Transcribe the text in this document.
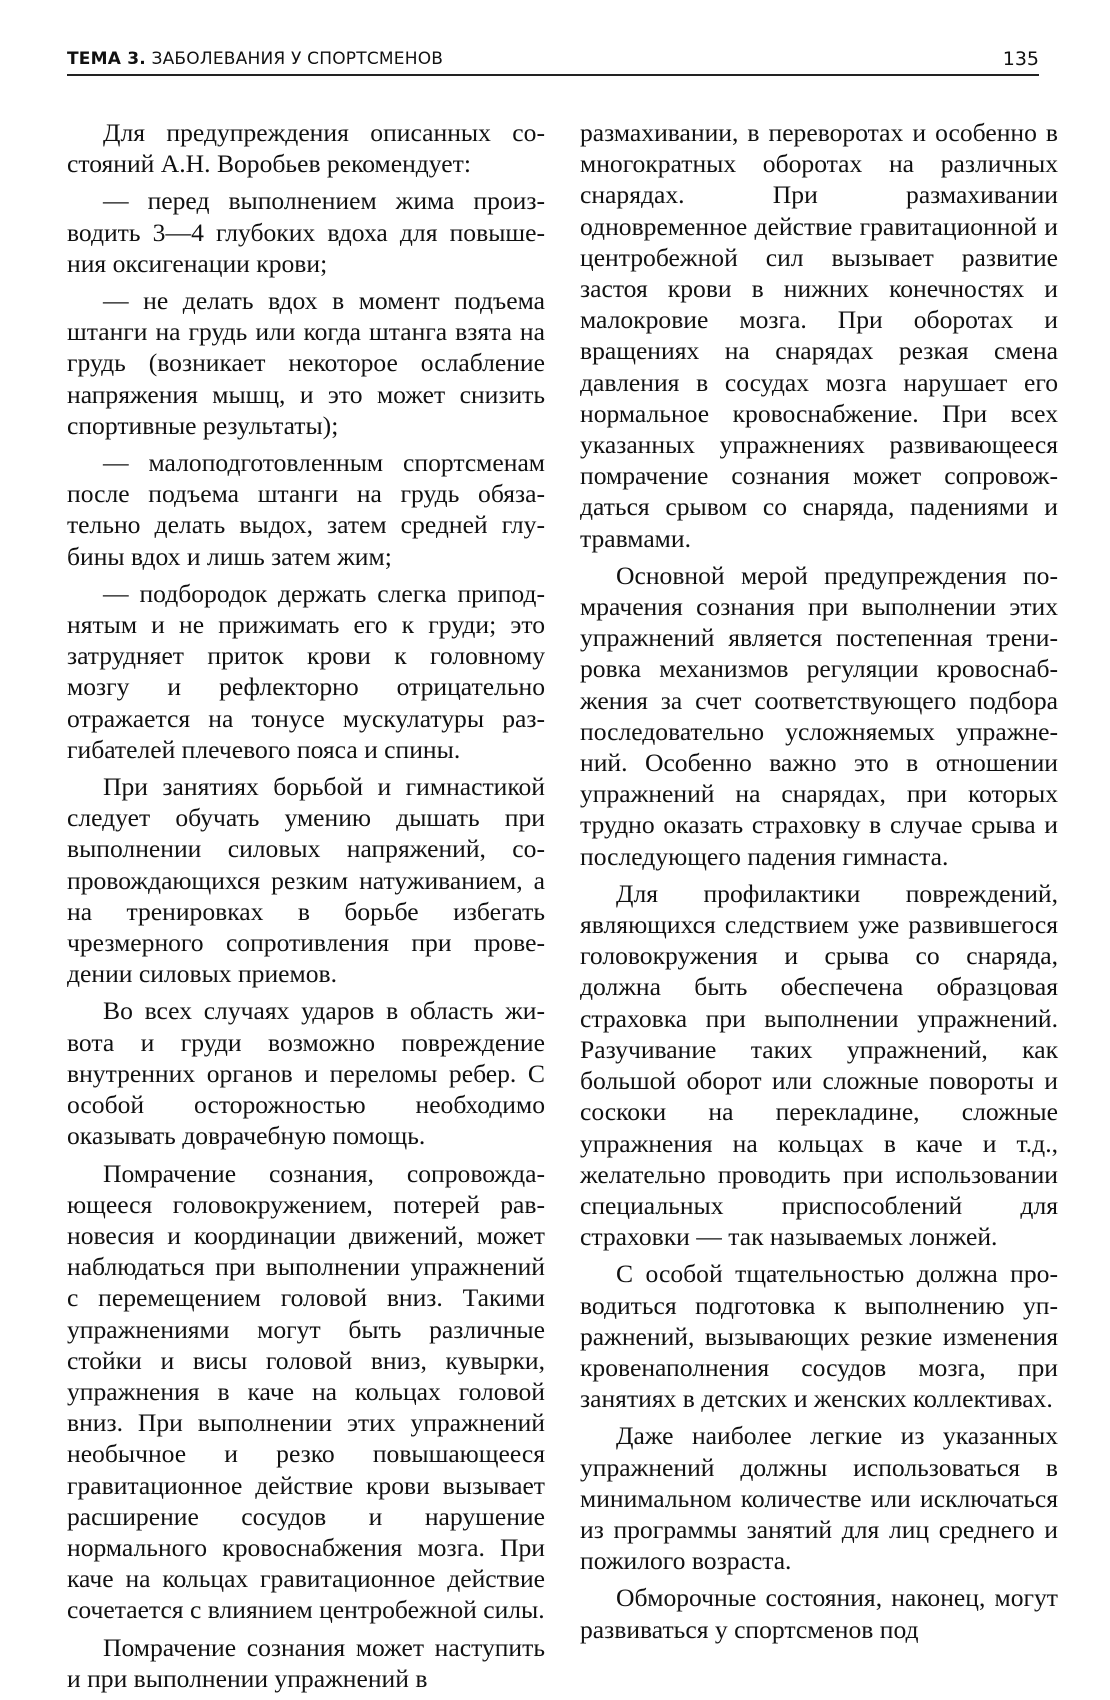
ТЕМА 3. ЗАБОЛЕВАНИЯ У СПОРТСМЕНОВ	135

Для предупреждения описанных состояний А.Н. Воробьев рекомендует:

— перед выполнением жима производить 3—4 глубоких вдоха для повышения оксигенации крови;

— не делать вдох в момент подъема штанги на грудь или когда штанга взята на грудь (возникает некоторое ослабление напряжения мышц, и это может снизить спортивные результаты);

— малоподготовленным спортсменам после подъема штанги на грудь обязательно делать выдох, затем средней глубины вдох и лишь затем жим;

— подбородок держать слегка приподнятым и не прижимать его к груди; это затрудняет приток крови к головному мозгу и рефлекторно отрицательно отражается на тонусе мускулатуры разгибателей плечевого пояса и спины.

При занятиях борьбой и гимнастикой следует обучать умению дышать при выполнении силовых напряжений, сопровождающихся резким натуживанием, а на тренировках в борьбе избегать чрезмерного сопротивления при проведении силовых приемов.

Во всех случаях ударов в область живота и груди возможно повреждение внутренних органов и переломы ребер. С особой осторожностью необходимо оказывать доврачебную помощь.

Помрачение сознания, сопровождающееся головокружением, потерей равновесия и координации движений, может наблюдаться при выполнении упражнений с перемещением головой вниз. Такими упражнениями могут быть различные стойки и висы головой вниз, кувырки, упражнения в каче на кольцах головой вниз. При выполнении этих упражнений необычное и резко повышающееся гравитационное действие крови вызывает расширение сосудов и нарушение нормального кровоснабжения мозга. При каче на кольцах гравитационное действие сочетается с влиянием центробежной силы.

Помрачение сознания может наступить и при выполнении упражнений в

размахивании, в переворотах и особенно в многократных оборотах на различных снарядах. При размахивании одновременное действие гравитационной и центробежной сил вызывает развитие застоя крови в нижних конечностях и малокровие мозга. При оборотах и вращениях на снарядах резкая смена давления в сосудах мозга нарушает его нормальное кровоснабжение. При всех указанных упражнениях развивающееся помрачение сознания может сопровождаться срывом со снаряда, падениями и травмами.

Основной мерой предупреждения помрачения сознания при выполнении этих упражнений является постепенная тренировка механизмов регуляции кровоснабжения за счет соответствующего подбора последовательно усложняемых упражнений. Особенно важно это в отношении упражнений на снарядах, при которых трудно оказать страховку в случае срыва и последующего падения гимнаста.

Для профилактики повреждений, являющихся следствием уже развившегося головокружения и срыва со снаряда, должна быть обеспечена образцовая страховка при выполнении упражнений. Разучивание таких упражнений, как большой оборот или сложные повороты и соскоки на перекладине, сложные упражнения на кольцах в каче и т.д., желательно проводить при использовании специальных приспособлений для страховки — так называемых лонжей.

С особой тщательностью должна проводиться подготовка к выполнению упражнений, вызывающих резкие изменения кровенаполнения сосудов мозга, при занятиях в детских и женских коллективах.

Даже наиболее легкие из указанных упражнений должны использоваться в минимальном количестве или исключаться из программы занятий для лиц среднего и пожилого возраста.

Обморочные состояния, наконец, могут развиваться у спортсменов под
